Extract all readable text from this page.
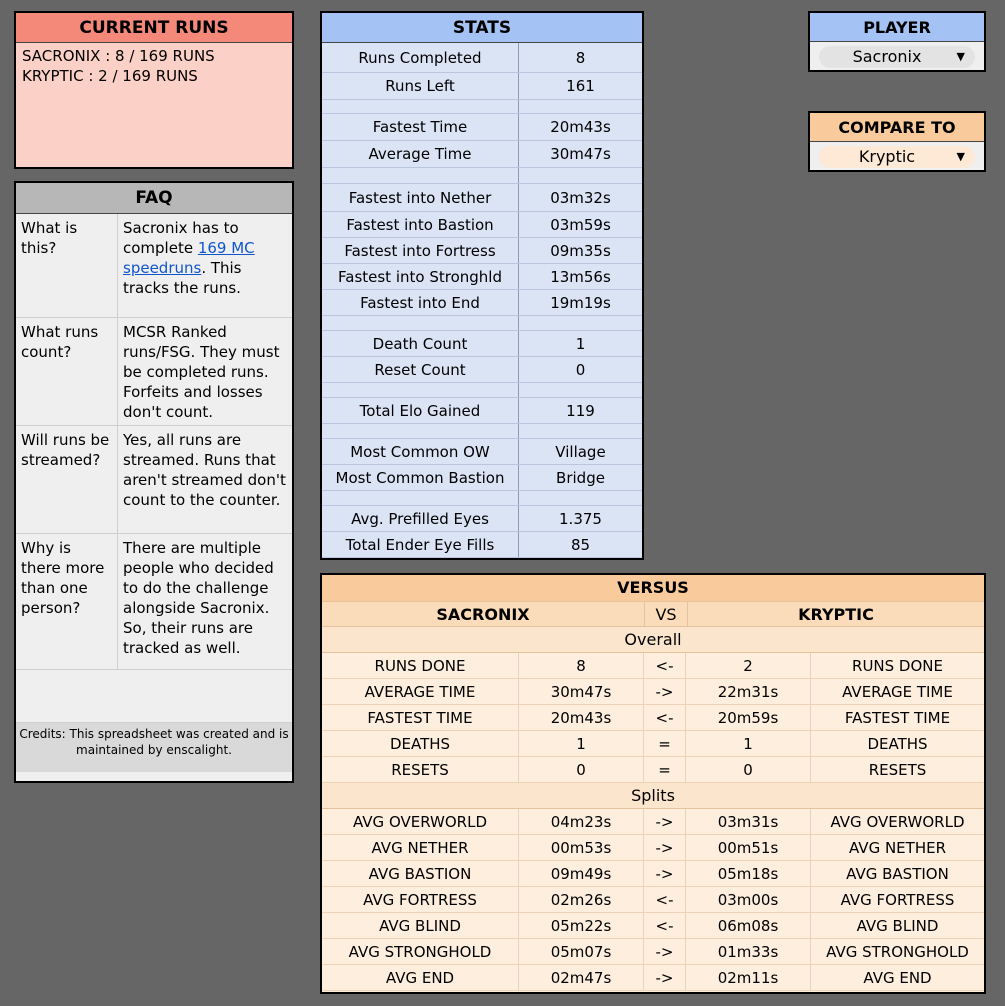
CURRENT RUNS
SACRONIX : 8 / 169 RUNS
KRYPTIC : 2 / 169 RUNS
FAQ
What is this?
Sacronix has to complete 169 MC speedruns. This tracks the runs.
What runs count?
MCSR Ranked runs/FSG. They must be completed runs. Forfeits and losses don't count.
Will runs be streamed?
Yes, all runs are streamed. Runs that aren't streamed don't count to the counter.
Why is there more than one person?
There are multiple people who decided to do the challenge alongside Sacronix. So, their runs are tracked as well.
Credits: This spreadsheet was created and is maintained by enscalight.
STATS
Runs Completed	8
Runs Left	161
Fastest Time	20m43s
Average Time	30m47s
Fastest into Nether	03m32s
Fastest into Bastion	03m59s
Fastest into Fortress	09m35s
Fastest into Stronghld	13m56s
Fastest into End	19m19s
Death Count	1
Reset Count	0
Total Elo Gained	119
Most Common OW	Village
Most Common Bastion	Bridge
Avg. Prefilled Eyes	1.375
Total Ender Eye Fills	85
PLAYER
Sacronix	▼
COMPARE TO
Kryptic	▼
VERSUS
SACRONIX	VS	KRYPTIC
Overall
RUNS DONE	8	<-	2	RUNS DONE
AVERAGE TIME	30m47s	->	22m31s	AVERAGE TIME
FASTEST TIME	20m43s	<-	20m59s	FASTEST TIME
DEATHS	1	=	1	DEATHS
RESETS	0	=	0	RESETS
Splits
AVG OVERWORLD	04m23s	->	03m31s	AVG OVERWORLD
AVG NETHER	00m53s	->	00m51s	AVG NETHER
AVG BASTION	09m49s	->	05m18s	AVG BASTION
AVG FORTRESS	02m26s	<-	03m00s	AVG FORTRESS
AVG BLIND	05m22s	<-	06m08s	AVG BLIND
AVG STRONGHOLD	05m07s	->	01m33s	AVG STRONGHOLD
AVG END	02m47s	->	02m11s	AVG END
